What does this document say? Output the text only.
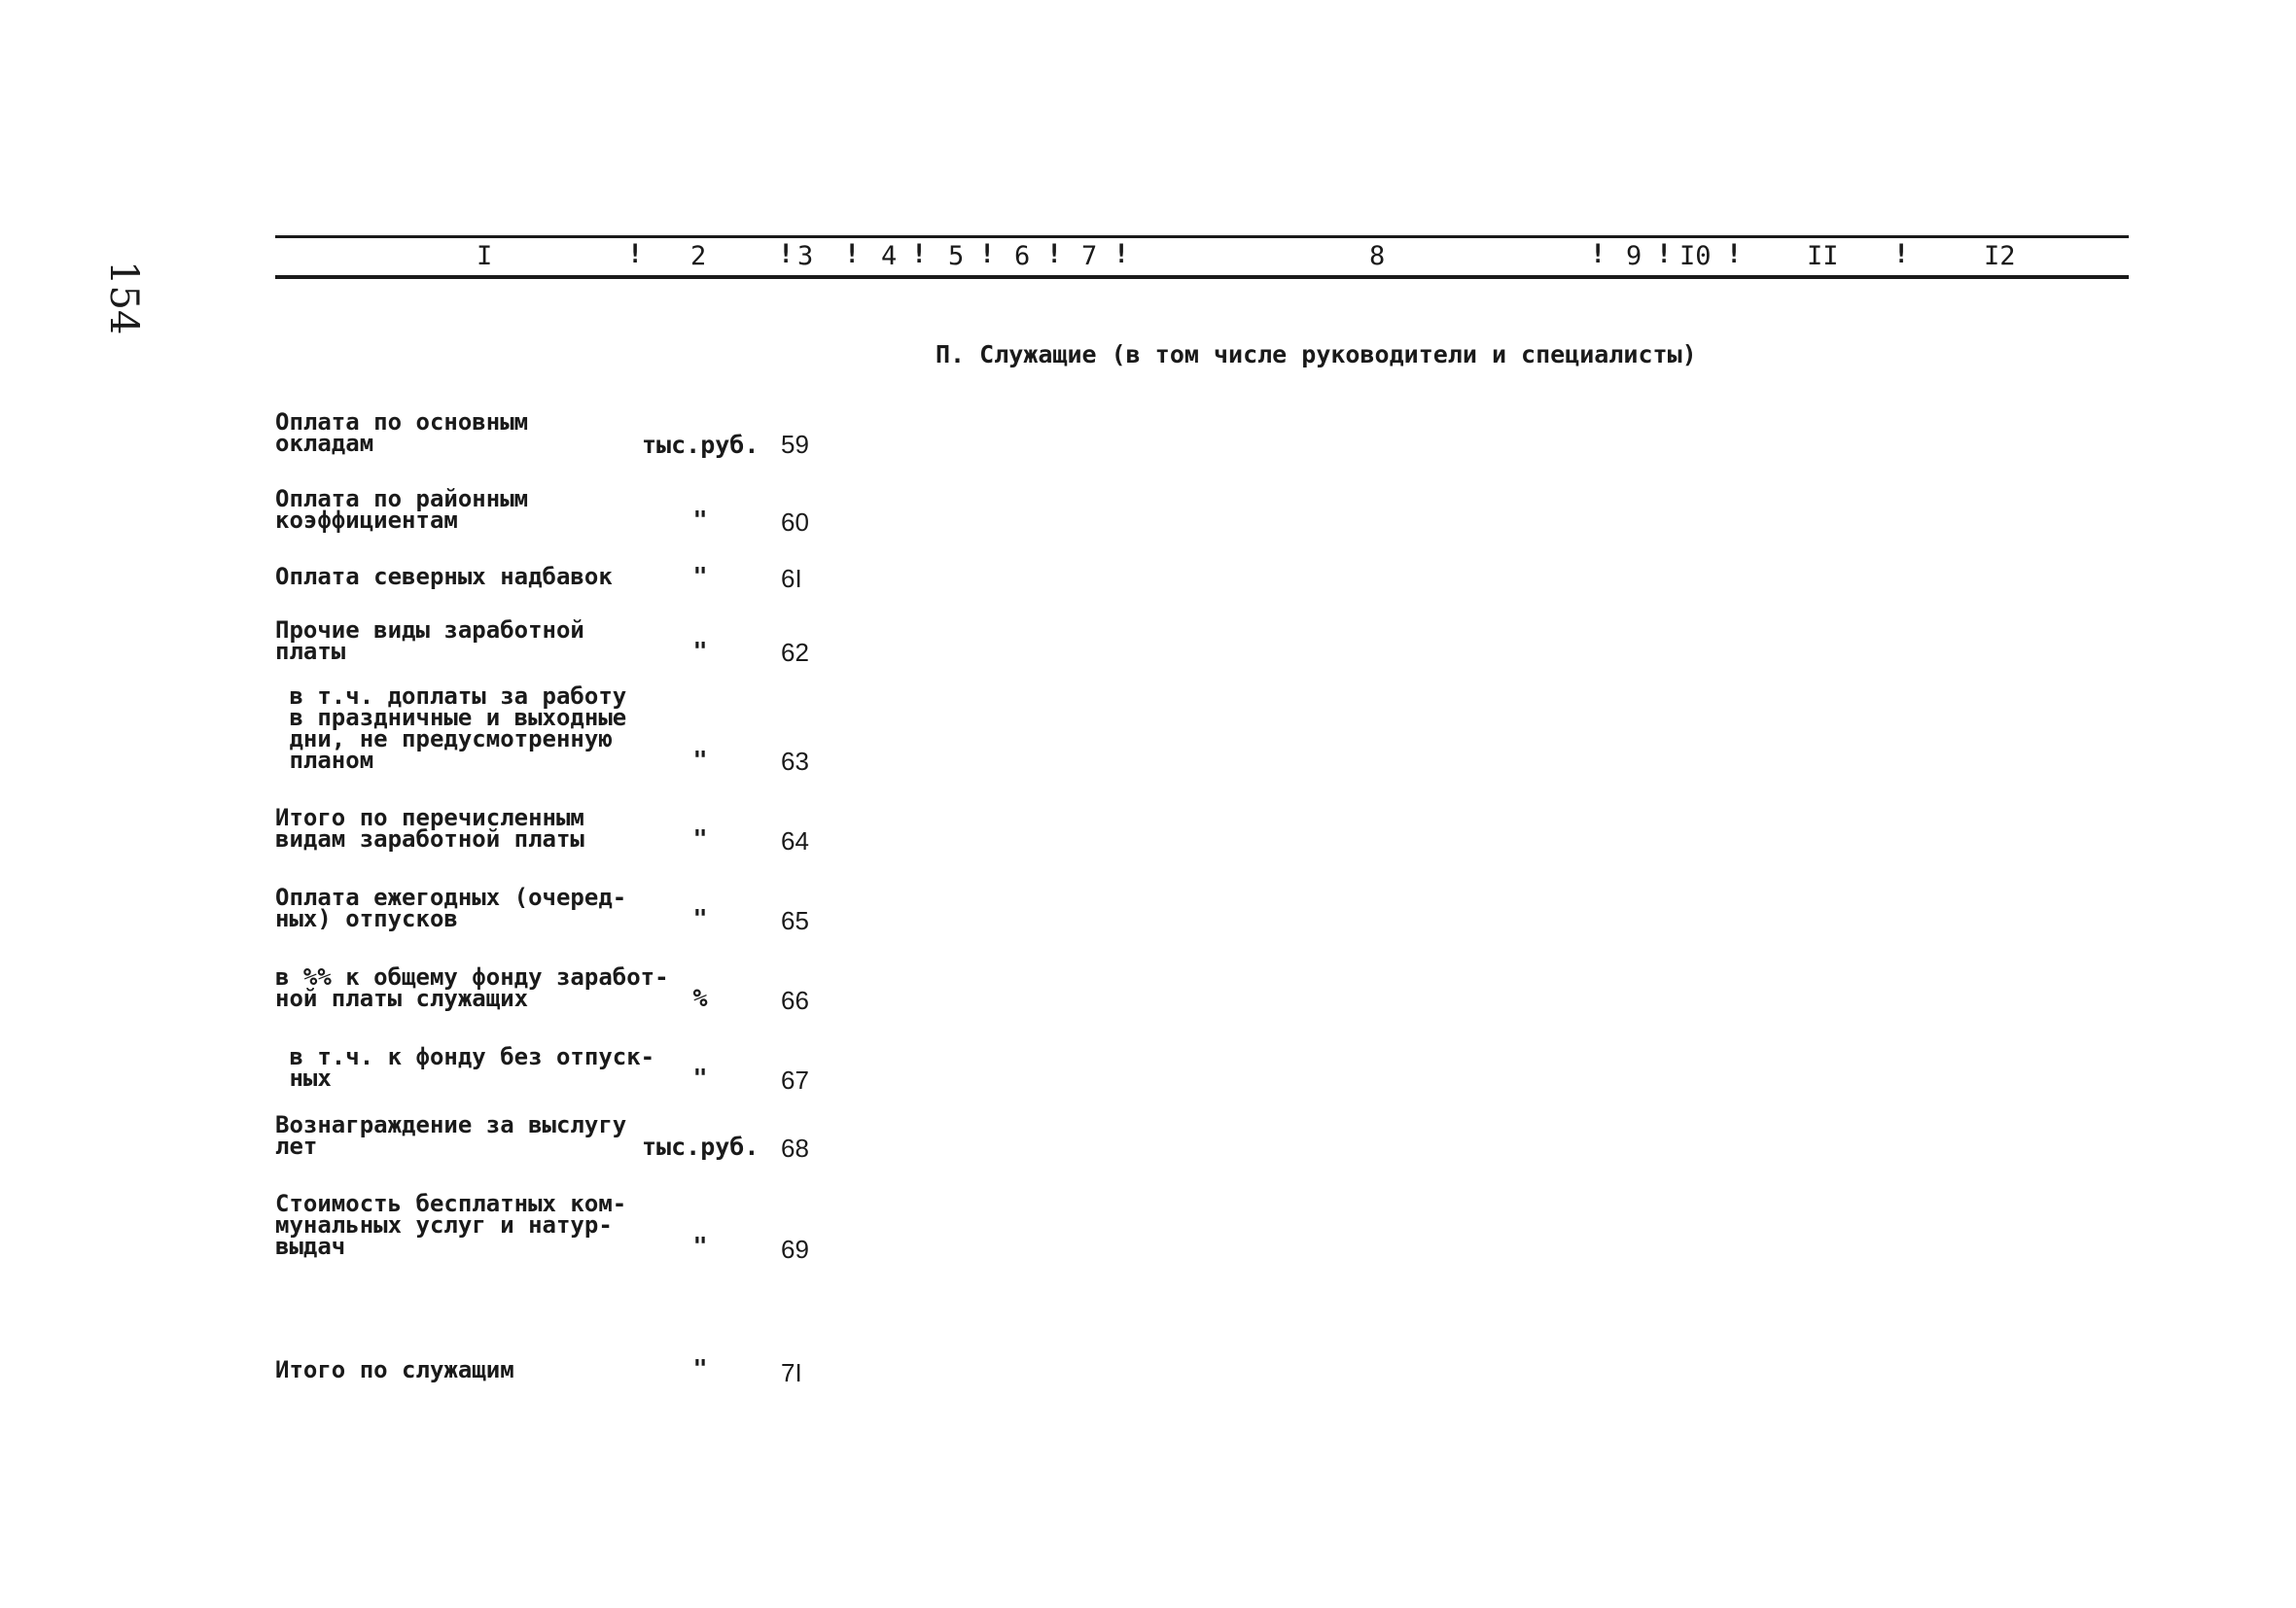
154
I	! 2	! 3 ! 4 ! 5 ! 6 ! 7 !	8	! 9 ! I0 ! II !	I2
П. Служащие (в том числе руководители и специалисты)
Оплата по основным
окладам	тыс.руб. 59
Оплата по районным
коэффициентам	"	60
Оплата северных надбавок	"	6I
Прочие виды заработной
платы	"	62
в т.ч. доплаты за работу
в праздничные и выходные
дни, не предусмотренную
планом	"	63
Итого по перечисленным
видам заработной платы	"	64
Оплата ежегодных (очеред-
ных) отпусков	"	65
в %% к общему фонду заработ-
ной платы служащих	%	66
в т.ч. к фонду без отпуск-
ных	"	67
Вознаграждение за выслугу
лет	тыс.руб. 68
Стоимость бесплатных ком-
мунальных услуг и натур-
выдач	"	69
Итого по служащим	"	7I
